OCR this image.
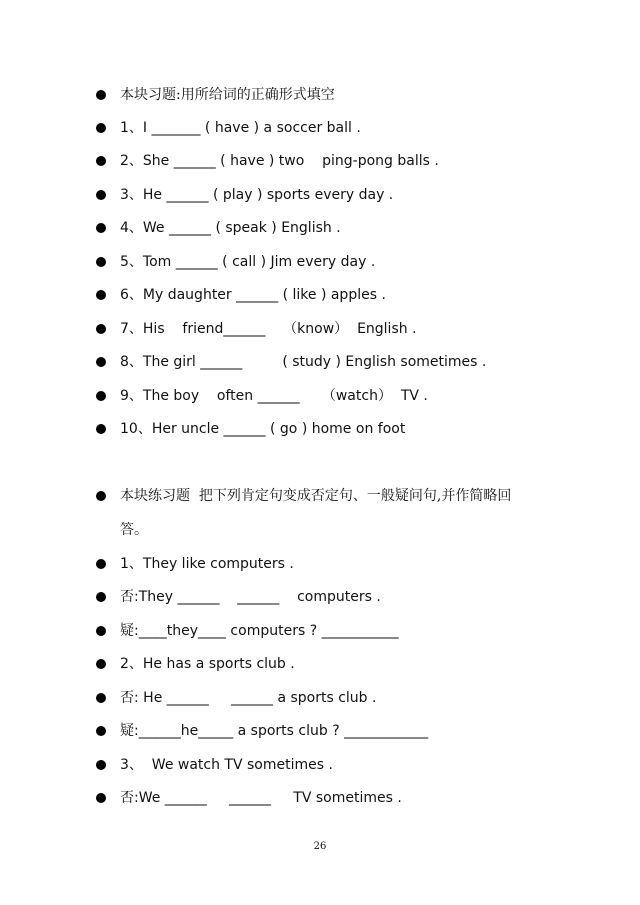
本块习题:用所给词的正确形式填空
1、I _______ ( have ) a soccer ball .
2、She ______ ( have ) two    ping-pong balls .
3、He ______ ( play ) sports every day .
4、We ______ ( speak ) English .
5、Tom ______ ( call ) Jim every day .
6、My daughter ______ ( like ) apples .
7、His    friend______    （know）  English .
8、The girl ______         ( study ) English sometimes .
9、The boy    often ______     （watch）  TV .
10、Her uncle ______ ( go ) home on foot
本块练习题  把下列肯定句变成否定句、一般疑问句,并作简略回
答。
1、They like computers .
否:They ______    ______    computers .
疑:____they____ computers ? ___________
2、He has a sports club .
否: He ______     ______ a sports club .
疑:______he_____ a sports club ? ____________
3、  We watch TV sometimes .
否:We ______     ______     TV sometimes .
26
